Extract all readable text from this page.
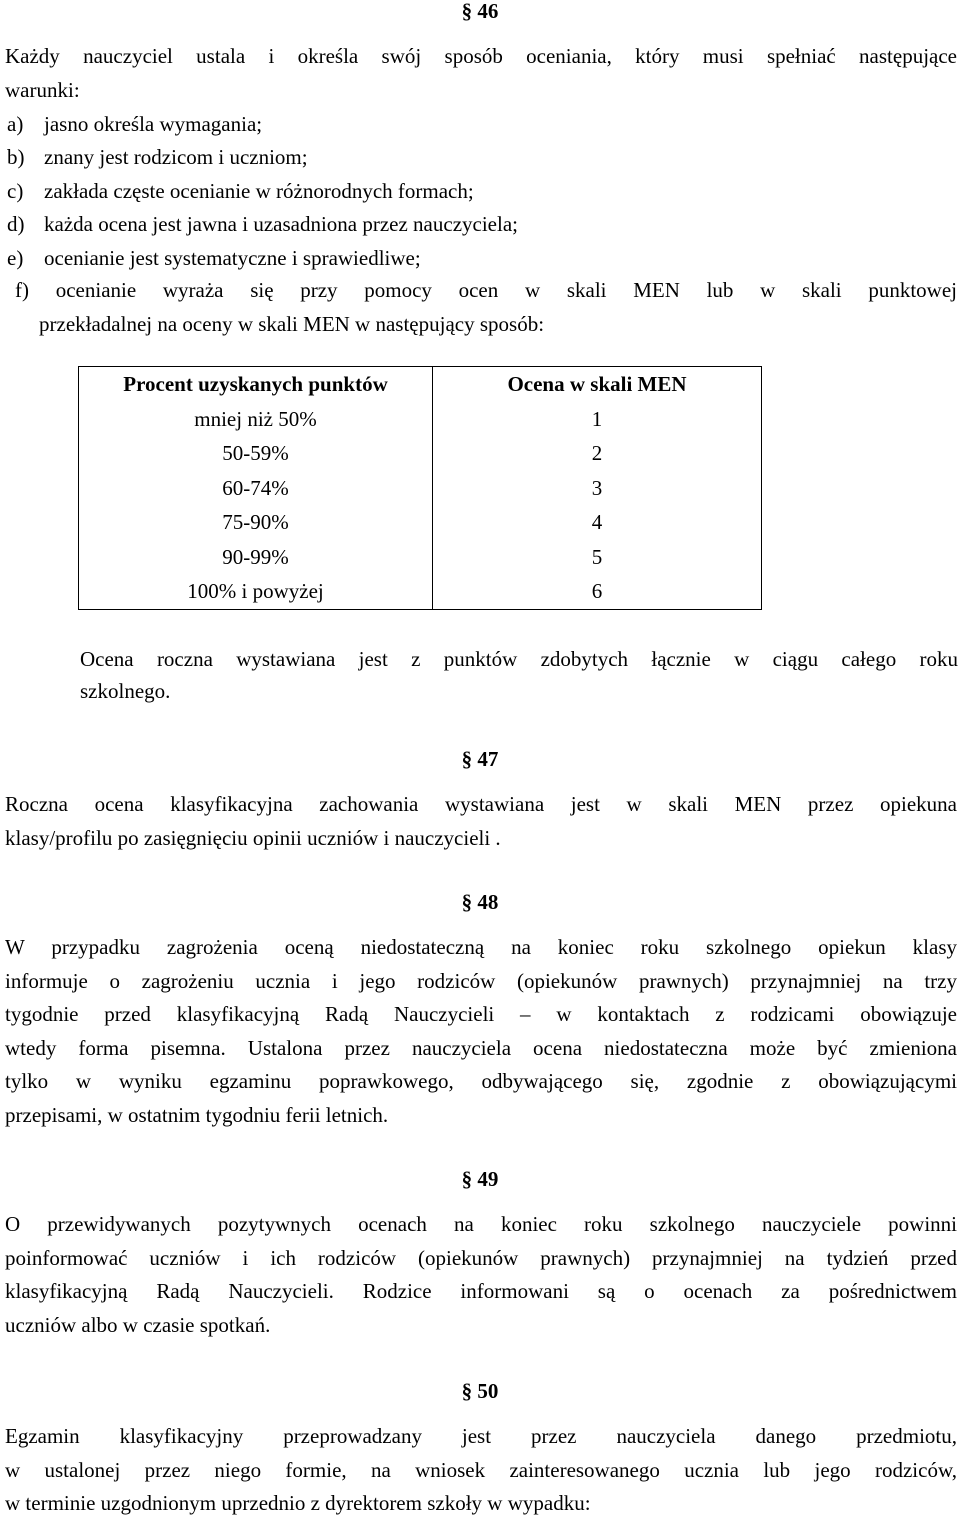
§ 46

Każdy nauczyciel ustala i określa swój sposób oceniania, który musi spełniać następujące
warunki:

a) jasno określa wymagania;
b) znany jest rodzicom i uczniom;
c) zakłada częste ocenianie w różnorodnych formach;
d) każda ocena jest jawna i uzasadniona przez nauczyciela;
e) ocenianie jest systematyczne i sprawiedliwe;

f) ocenianie wyraża się przy pomocy ocen w skali MEN lub w skali punktowej
przekładalnej na oceny w skali MEN w następujący sposób:

Procent uzyskanych punktów	Ocena w skali MEN
mniej niż 50%	1
50-59%	2
60-74%	3
75-90%	4
90-99%	5
100% i powyżej	6

Ocena roczna wystawiana jest z punktów zdobytych łącznie w ciągu całego roku
szkolnego.

§ 47

Roczna ocena klasyfikacyjna zachowania wystawiana jest w skali MEN przez opiekuna
klasy/profilu po zasięgnięciu opinii uczniów i nauczycieli .

§ 48

W przypadku zagrożenia oceną niedostateczną na koniec roku szkolnego opiekun klasy
informuje o zagrożeniu ucznia i jego rodziców (opiekunów prawnych) przynajmniej na trzy
tygodnie przed klasyfikacyjną Radą Nauczycieli – w kontaktach z rodzicami obowiązuje
wtedy forma pisemna. Ustalona przez nauczyciela ocena niedostateczna może być zmieniona
tylko w wyniku egzaminu poprawkowego, odbywającego się, zgodnie z obowiązującymi
przepisami, w ostatnim tygodniu ferii letnich.

§ 49

O przewidywanych pozytywnych ocenach na koniec roku szkolnego nauczyciele powinni
poinformować uczniów i ich rodziców (opiekunów prawnych) przynajmniej na tydzień przed
klasyfikacyjną Radą Nauczycieli. Rodzice informowani są o ocenach za pośrednictwem
uczniów albo w czasie spotkań.

§ 50

Egzamin klasyfikacyjny przeprowadzany jest przez nauczyciela danego przedmiotu,
w ustalonej przez niego formie, na wniosek zainteresowanego ucznia lub jego rodziców,
w terminie uzgodnionym uprzednio z dyrektorem szkoły w wypadku:
